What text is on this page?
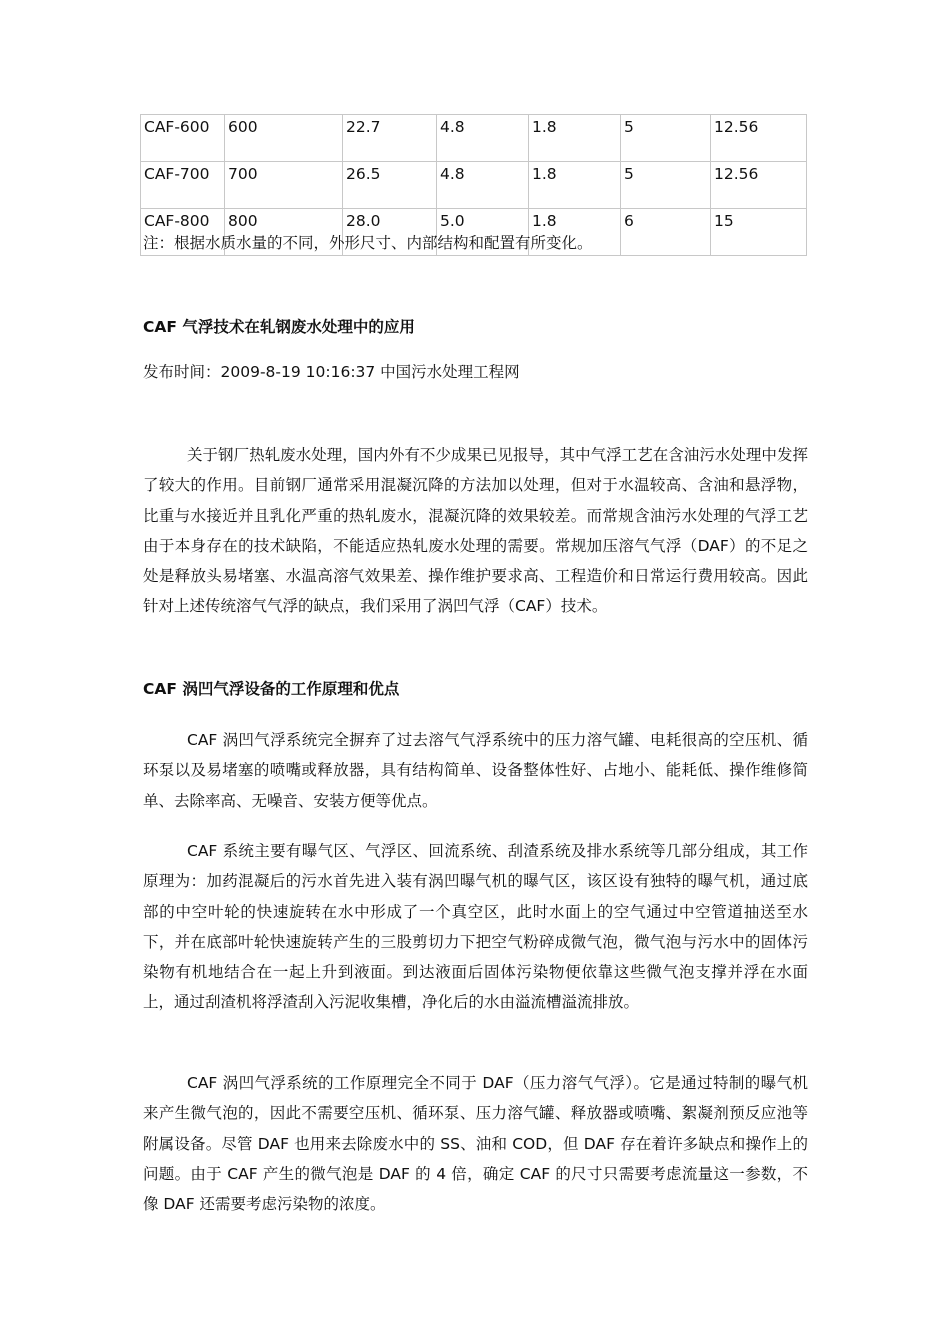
CAF-600	600	22.7	4.8	1.8	5	12.56
CAF-700	700	26.5	4.8	1.8	5	12.56
CAF-800	800	28.0	5.0	1.8	6	15
注：根据水质水量的不同，外形尺寸、内部结构和配置有所变化。
CAF 气浮技术在轧钢废水处理中的应用
发布时间：2009-8-19 10:16:37 中国污水处理工程网

关于钢厂热轧废水处理，国内外有不少成果已见报导，其中气浮工艺在含油污水处理中发挥了较大的作用。目前钢厂通常采用混凝沉降的方法加以处理，但对于水温较高、含油和悬浮物，比重与水接近并且乳化严重的热轧废水，混凝沉降的效果较差。而常规含油污水处理的气浮工艺由于本身存在的技术缺陷，不能适应热轧废水处理的需要。常规加压溶气气浮（DAF）的不足之处是释放头易堵塞、水温高溶气效果差、操作维护要求高、工程造价和日常运行费用较高。因此针对上述传统溶气气浮的缺点，我们采用了涡凹气浮（CAF）技术。

CAF 涡凹气浮设备的工作原理和优点

CAF 涡凹气浮系统完全摒弃了过去溶气气浮系统中的压力溶气罐、电耗很高的空压机、循环泵以及易堵塞的喷嘴或释放器，具有结构简单、设备整体性好、占地小、能耗低、操作维修简单、去除率高、无噪音、安装方便等优点。

CAF 系统主要有曝气区、气浮区、回流系统、刮渣系统及排水系统等几部分组成，其工作原理为：加药混凝后的污水首先进入装有涡凹曝气机的曝气区，该区设有独特的曝气机，通过底部的中空叶轮的快速旋转在水中形成了一个真空区，此时水面上的空气通过中空管道抽送至水下，并在底部叶轮快速旋转产生的三股剪切力下把空气粉碎成微气泡，微气泡与污水中的固体污染物有机地结合在一起上升到液面。到达液面后固体污染物便依靠这些微气泡支撑并浮在水面上，通过刮渣机将浮渣刮入污泥收集槽，净化后的水由溢流槽溢流排放。

CAF 涡凹气浮系统的工作原理完全不同于 DAF（压力溶气气浮）。它是通过特制的曝气机来产生微气泡的，因此不需要空压机、循环泵、压力溶气罐、释放器或喷嘴、絮凝剂预反应池等附属设备。尽管 DAF 也用来去除废水中的 SS、油和 COD，但 DAF 存在着许多缺点和操作上的问题。由于 CAF 产生的微气泡是 DAF 的 4 倍，确定 CAF 的尺寸只需要考虑流量这一参数，不像 DAF 还需要考虑污染物的浓度。
